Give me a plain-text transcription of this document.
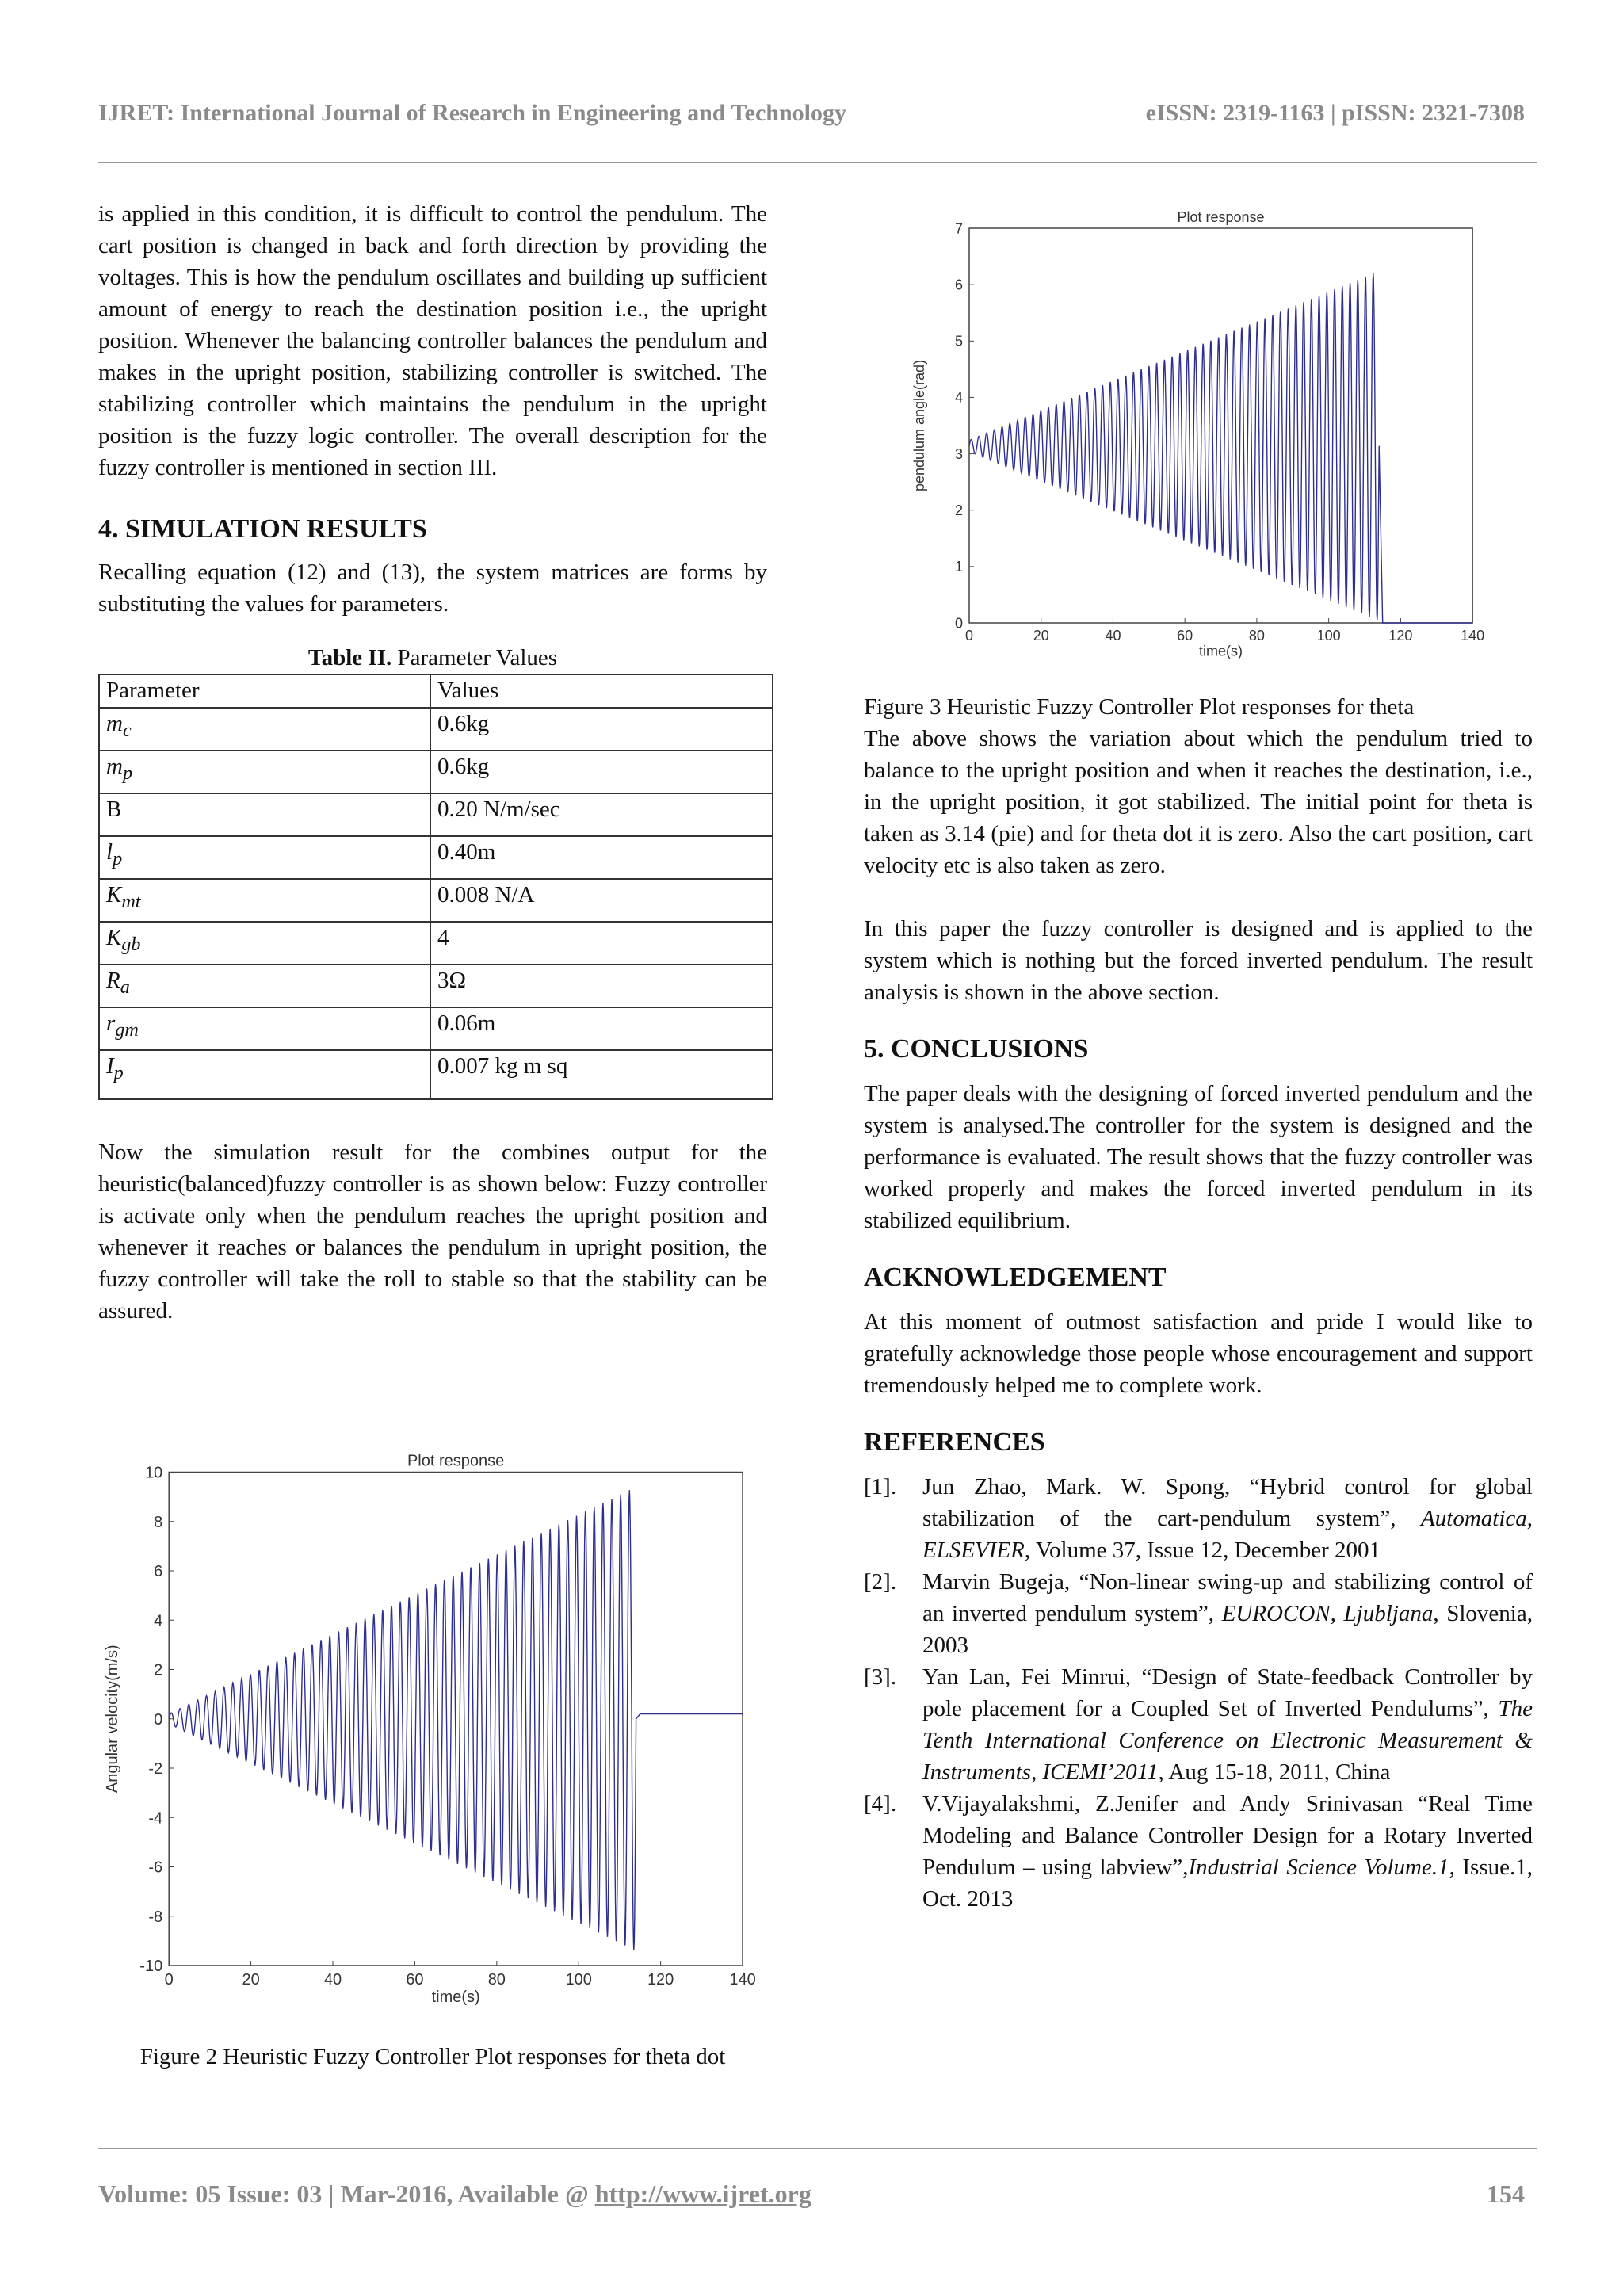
IJRET: International Journal of Research in Engineering and Technology	eISSN: 2319-1163 | pISSN: 2321-7308

is applied in this condition, it is difficult to control the pendulum. The cart position is changed in back and forth direction by providing the voltages. This is how the pendulum oscillates and building up sufficient amount of energy to reach the destination position i.e., the upright position. Whenever the balancing controller balances the pendulum and makes in the upright position, stabilizing controller is switched. The stabilizing controller which maintains the pendulum in the upright position is the fuzzy logic controller. The overall description for the fuzzy controller is mentioned in section III.

4. SIMULATION RESULTS

Recalling equation (12) and (13), the system matrices are forms by substituting the values for parameters.

Table II. Parameter Values
Parameter	Values
$m_c$	0.6kg
$m_p$	0.6kg
B	0.20 N/m/sec
$l_p$	0.40m
$K_{mt}$	0.008 N/A
$K_{gb}$	4
$R_a$	3Ω
$r_{gm}$	0.06m
$I_p$	0.007 kg m sq

Now the simulation result for the combines output for the heuristic(balanced)fuzzy controller is as shown below: Fuzzy controller is activate only when the pendulum reaches the upright position and whenever it reaches or balances the pendulum in upright position, the fuzzy controller will take the roll to stable so that the stability can be assured.

Plot response
0	20	40	60	80	100	120	140
10
8
6
4
2
0
-2
-4
-6
-8
-10
time(s)
Angular velocity(m/s)
Figure 2 Heuristic Fuzzy Controller Plot responses for theta dot
Plot response
0	20	40	60	80	100	120	140
7
6
5
4
3
2
1
0
time(s)
pendulum angle(rad)
Figure 3 Heuristic Fuzzy Controller Plot responses for theta

The above shows the variation about which the pendulum tried to balance to the upright position and when it reaches the destination, i.e., in the upright position, it got stabilized. The initial point for theta is taken as 3.14 (pie) and for theta dot it is zero. Also the cart position, cart velocity etc is also taken as zero.

In this paper the fuzzy controller is designed and is applied to the system which is nothing but the forced inverted pendulum. The result analysis is shown in the above section.

5. CONCLUSIONS

The paper deals with the designing of forced inverted pendulum and the system is analysed.The controller for the system is designed and the performance is evaluated. The result shows that the fuzzy controller was worked properly and makes the forced inverted pendulum in its stabilized equilibrium.

ACKNOWLEDGEMENT

At this moment of outmost satisfaction and pride I would like to gratefully acknowledge those people whose encouragement and support tremendously helped me to complete work.

REFERENCES
[1].	Jun Zhao, Mark. W. Spong, “Hybrid control for global stabilization of the cart-pendulum system”, Automatica, ELSEVIER, Volume 37, Issue 12, December 2001
[2].	Marvin Bugeja, “Non-linear swing-up and stabilizing control of an inverted pendulum system”, EUROCON, Ljubljana, Slovenia, 2003
[3].	Yan Lan, Fei Minrui, “Design of State-feedback Controller by pole placement for a Coupled Set of Inverted Pendulums”, The Tenth International Conference on Electronic Measurement & Instruments, ICEMI’2011, Aug 15-18, 2011, China
[4].	V.Vijayalakshmi, Z.Jenifer and Andy Srinivasan “Real Time Modeling and Balance Controller Design for a Rotary Inverted Pendulum – using labview”,Industrial Science Volume.1, Issue.1, Oct. 2013
Volume: 05 Issue: 03 | Mar-2016, Available @ http://www.ijret.org	154
